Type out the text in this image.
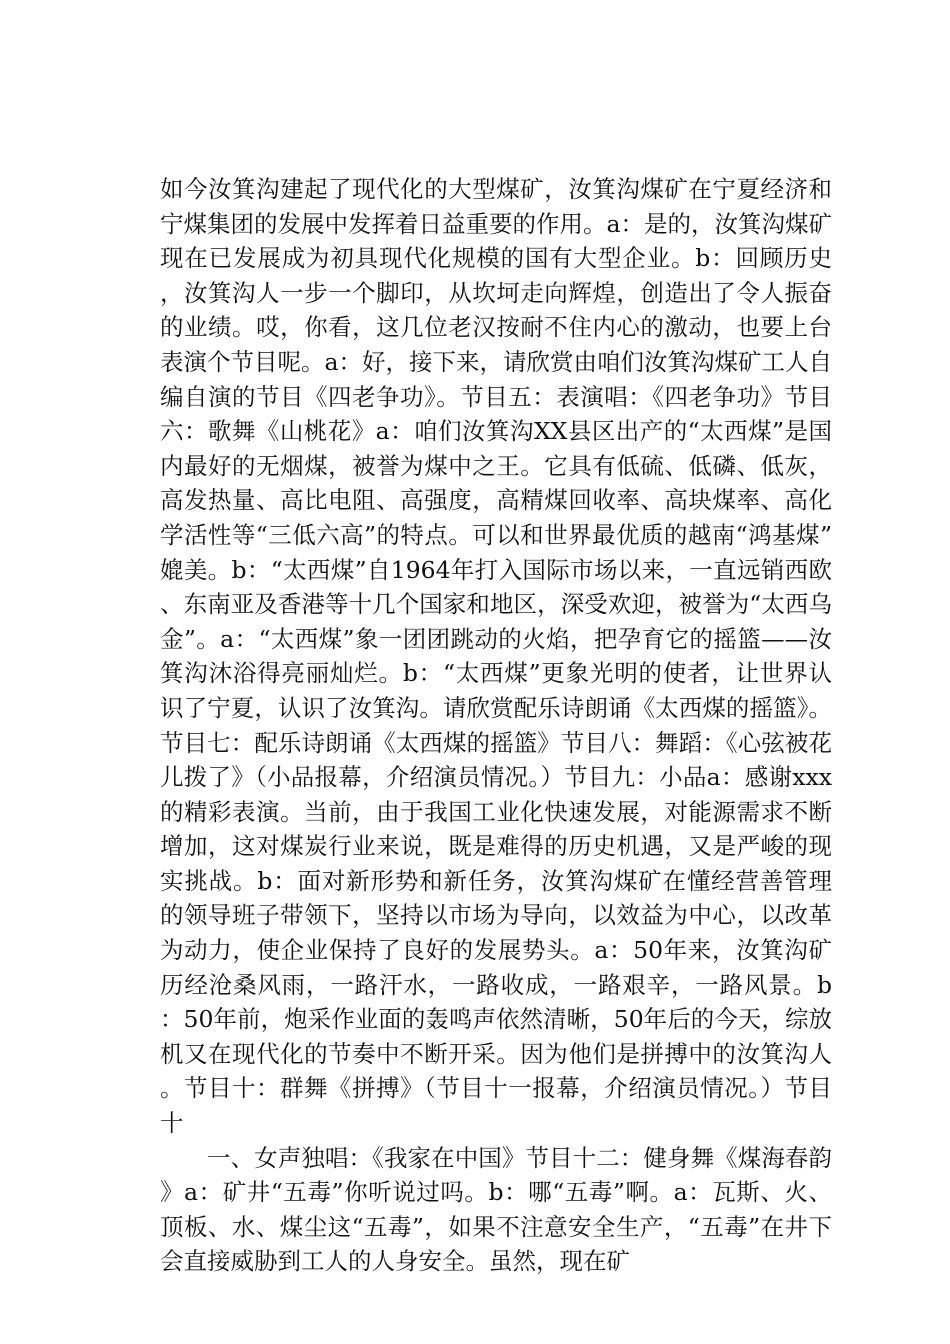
如今汝箕沟建起了现代化的大型煤矿，汝箕沟煤矿在宁夏经济和宁煤集团的发展中发挥着日益重要的作用。a：是的，汝箕沟煤矿现在已发展成为初具现代化规模的国有大型企业。b：回顾历史，汝箕沟人一步一个脚印，从坎坷走向辉煌，创造出了令人振奋的业绩。哎，你看，这几位老汉按耐不住内心的激动，也要上台表演个节目呢。a：好，接下来，请欣赏由咱们汝箕沟煤矿工人自编自演的节目《四老争功》。节目五：表演唱：《四老争功》节目六：歌舞《山桃花》a：咱们汝箕沟XX县区出产的“太西煤”是国内最好的无烟煤，被誉为煤中之王。它具有低硫、低磷、低灰，高发热量、高比电阻、高强度，高精煤回收率、高块煤率、高化学活性等“三低六高”的特点。可以和世界最优质的越南“鸿基煤”媲美。b：“太西煤”自1964年打入国际市场以来，一直远销西欧、东南亚及香港等十几个国家和地区，深受欢迎，被誉为“太西乌金”。a：“太西煤”象一团团跳动的火焰，把孕育它的摇篮——汝箕沟沐浴得亮丽灿烂。b：“太西煤”更象光明的使者，让世界认识了宁夏，认识了汝箕沟。请欣赏配乐诗朗诵《太西煤的摇篮》。节目七：配乐诗朗诵《太西煤的摇篮》节目八：舞蹈：《心弦被花儿拨了》（小品报幕，介绍演员情况。）节目九：小品a：感谢xxx的精彩表演。当前，由于我国工业化快速发展，对能源需求不断增加，这对煤炭行业来说，既是难得的历史机遇，又是严峻的现实挑战。b：面对新形势和新任务，汝箕沟煤矿在懂经营善管理的领导班子带领下，坚持以市场为导向，以效益为中心，以改革为动力，使企业保持了良好的发展势头。a：50年来，汝箕沟矿历经沧桑风雨，一路汗水，一路收成，一路艰辛，一路风景。b：50年前，炮采作业面的轰鸣声依然清晰，50年后的今天，综放机又在现代化的节奏中不断开采。因为他们是拼搏中的汝箕沟人。节目十：群舞《拼搏》（节目十一报幕，介绍演员情况。）节目十

一、女声独唱：《我家在中国》节目十二：健身舞《煤海春韵》a：矿井“五毒”你听说过吗。b：哪“五毒”啊。a：瓦斯、火、顶板、水、煤尘这“五毒”，如果不注意安全生产，“五毒”在井下会直接威胁到工人的人身安全。虽然，现在矿
